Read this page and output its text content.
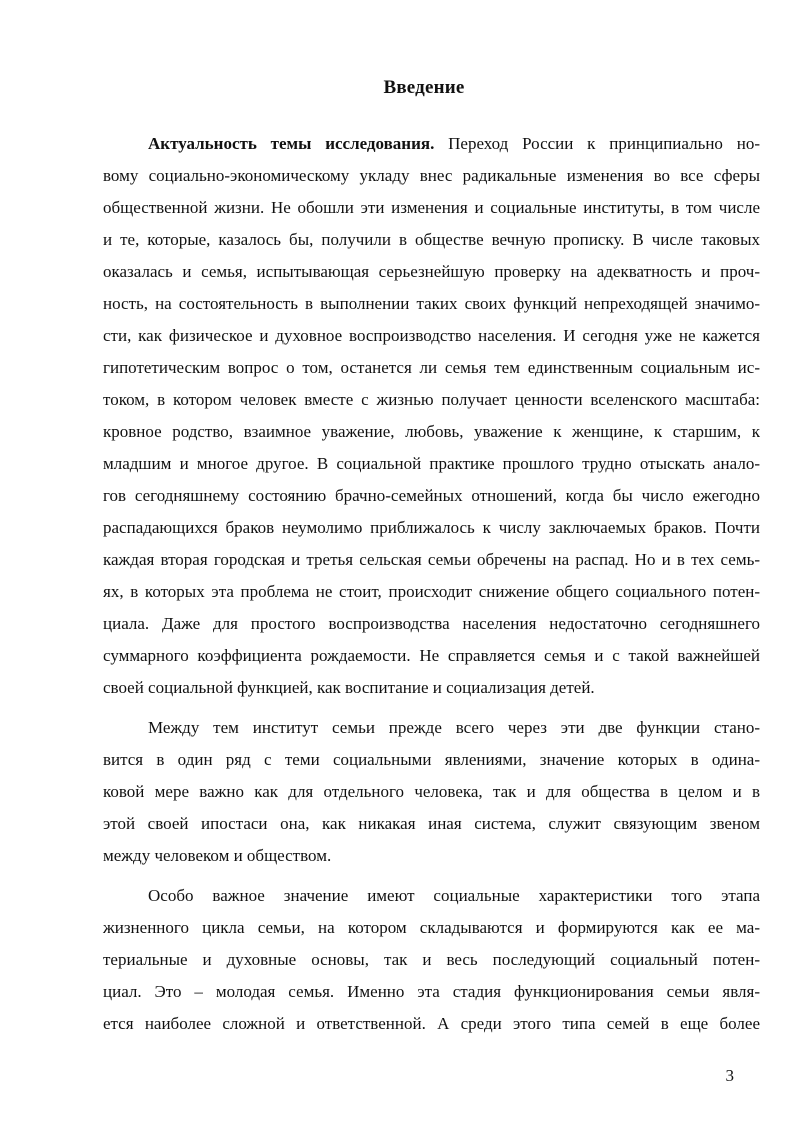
Введение
Актуальность темы исследования. Переход России к принципиально но-
вому социально-экономическому укладу внес радикальные изменения во все сферы
общественной жизни. Не обошли эти изменения и социальные институты, в том числе
и те, которые, казалось бы, получили в обществе вечную прописку. В числе таковых
оказалась и семья, испытывающая серьезнейшую проверку на адекватность и проч-
ность, на состоятельность в выполнении таких своих функций непреходящей значимо-
сти, как физическое и духовное воспроизводство населения. И сегодня уже не кажется
гипотетическим вопрос о том, останется ли семья тем единственным социальным ис-
током, в котором человек вместе с жизнью получает ценности вселенского масштаба:
кровное родство, взаимное уважение, любовь, уважение к женщине, к старшим, к
младшим и многое другое. В социальной практике прошлого трудно отыскать анало-
гов сегодняшнему состоянию брачно-семейных отношений, когда бы число ежегодно
распадающихся браков неумолимо приближалось к числу заключаемых браков. Почти
каждая вторая городская и третья сельская семьи обречены на распад. Но и в тех семь-
ях, в которых эта проблема не стоит, происходит снижение общего социального потен-
циала. Даже для простого воспроизводства населения недостаточно сегодняшнего
суммарного коэффициента рождаемости. Не справляется семья и с такой важнейшей
своей социальной функцией, как воспитание и социализация детей.
Между тем институт семьи прежде всего через эти две функции стано-
вится в один ряд с теми социальными явлениями, значение которых в одина-
ковой мере важно как для отдельного человека, так и для общества в целом и в
этой своей ипостаси она, как никакая иная система, служит связующим звеном
между человеком и обществом.
Особо важное значение имеют социальные характеристики того этапа
жизненного цикла семьи, на котором складываются и формируются как ее ма-
териальные и духовные основы, так и весь последующий социальный потен-
циал. Это – молодая семья. Именно эта стадия функционирования семьи явля-
ется наиболее сложной и ответственной. А среди этого типа семей в еще более
3
